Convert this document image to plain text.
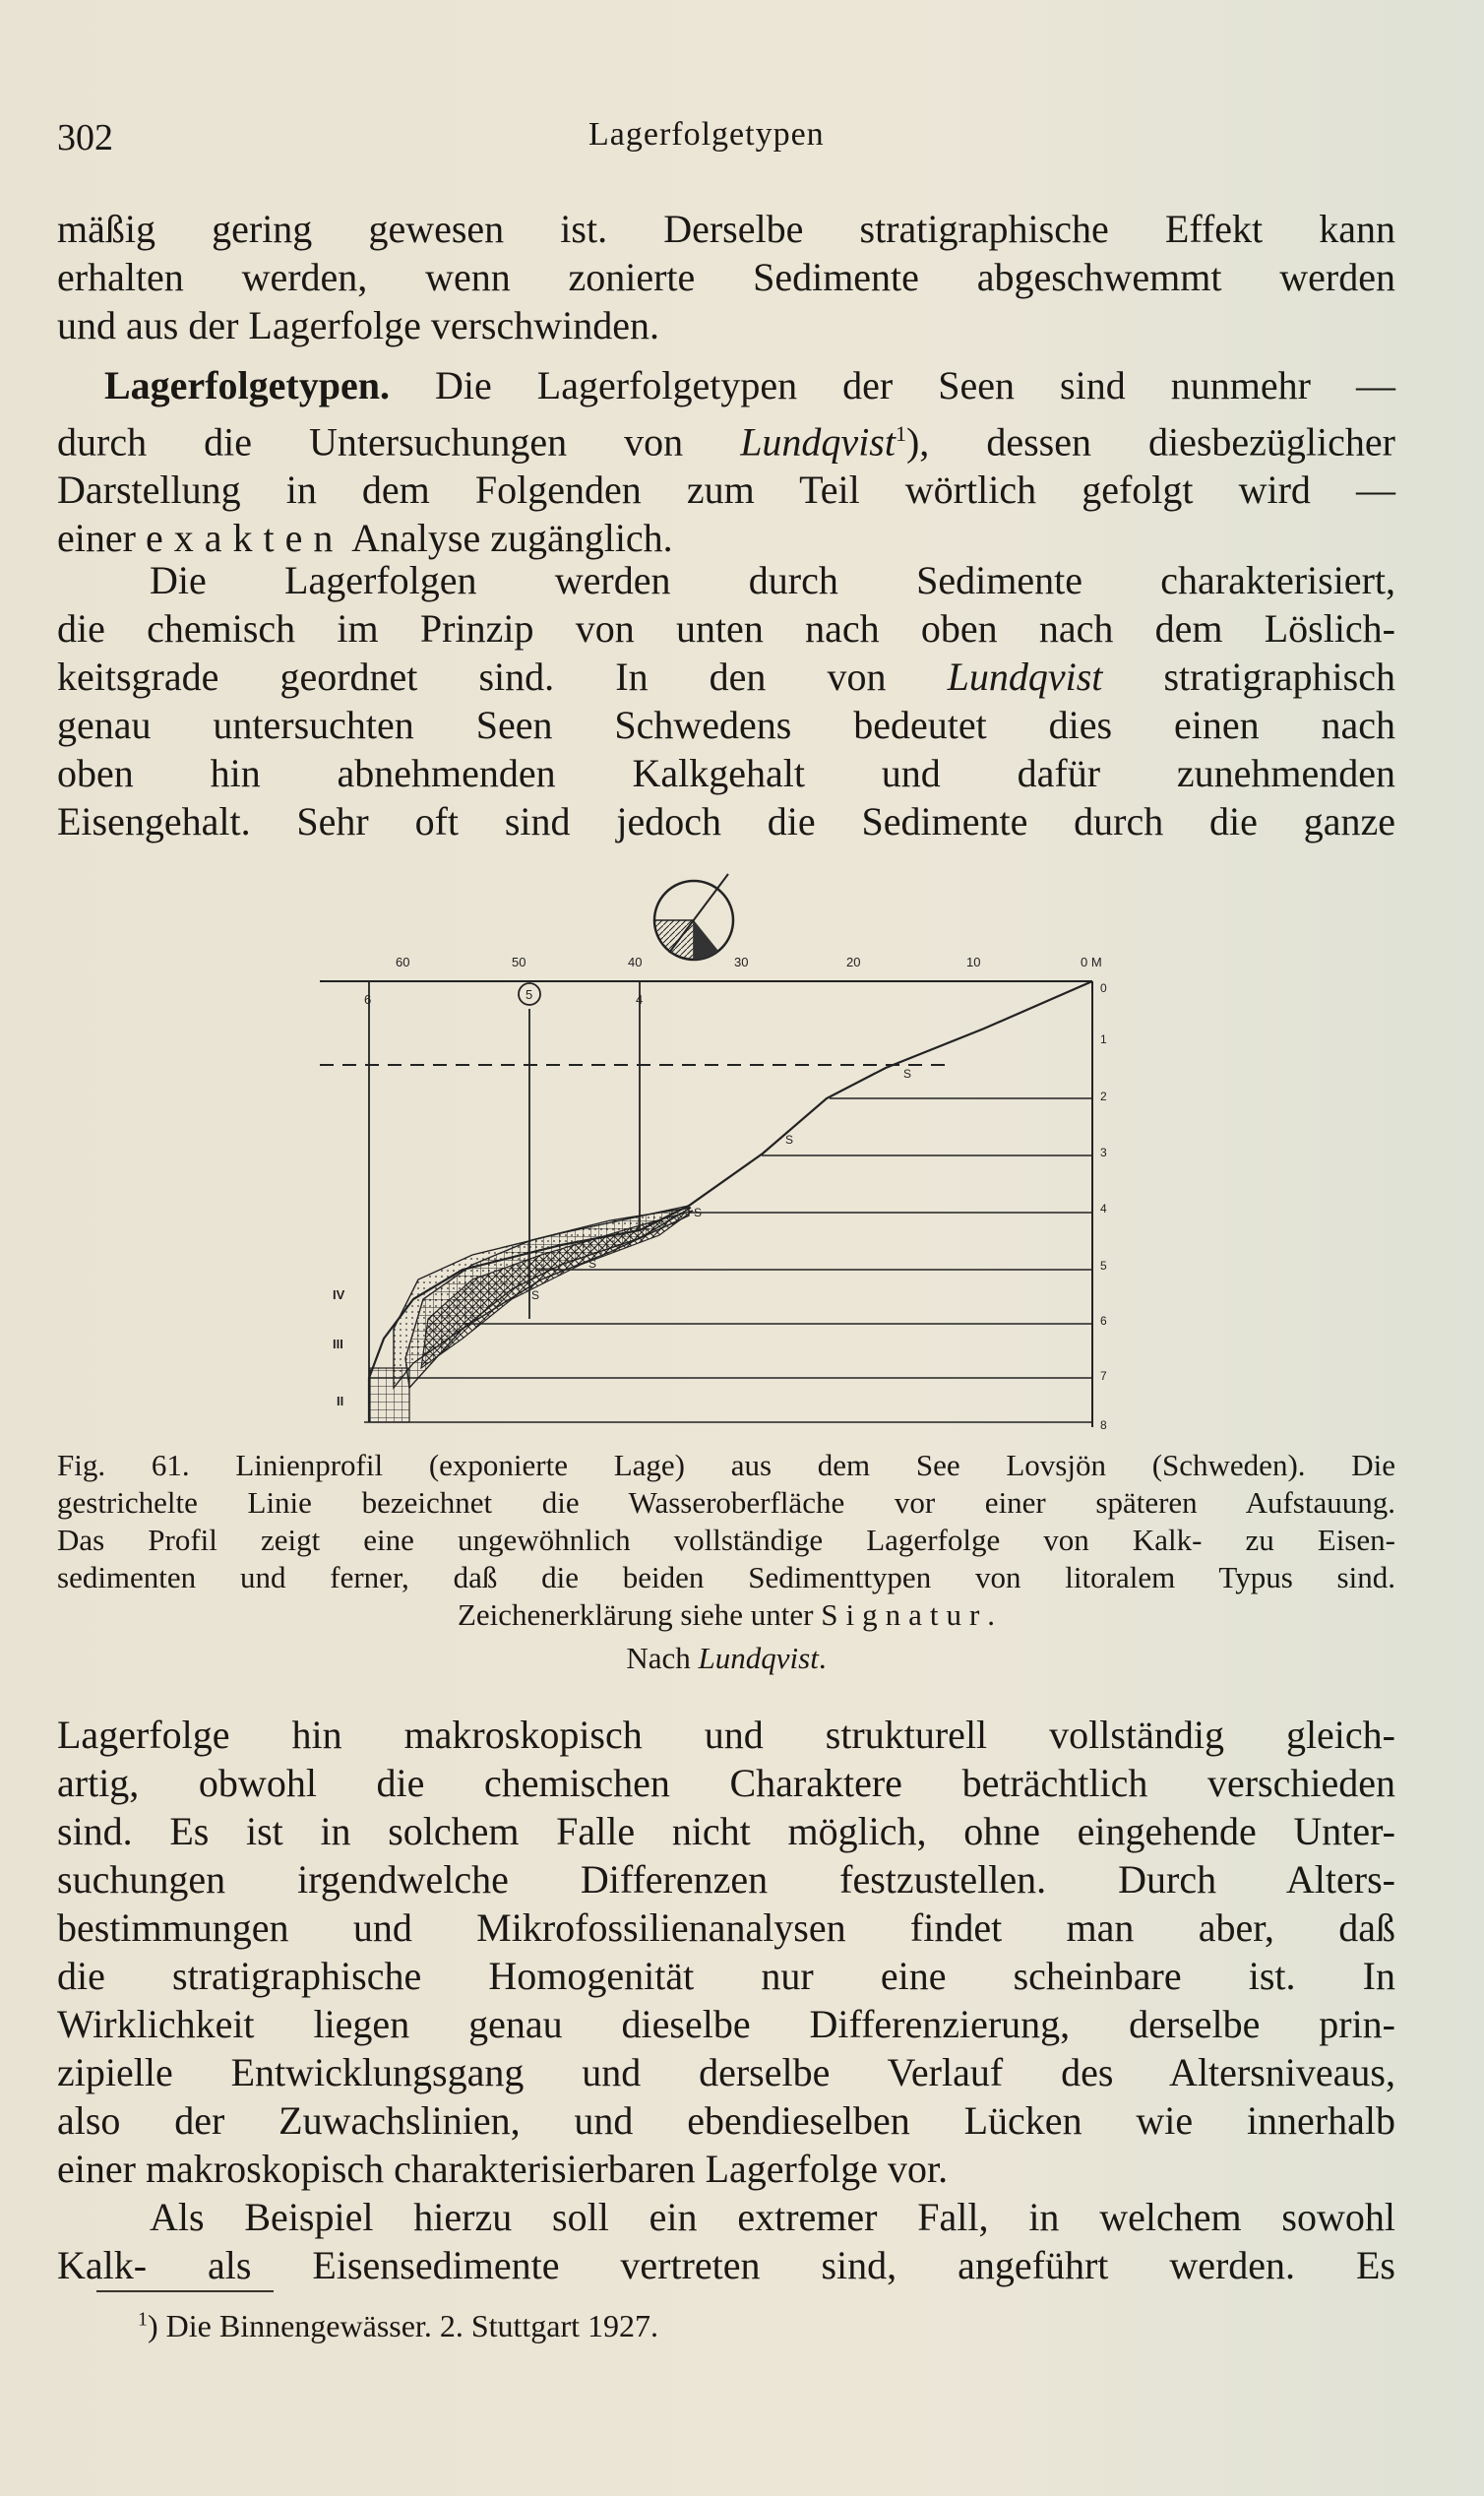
302	Lagerfolgetypen
mäßig gering gewesen ist. Derselbe stratigraphische Effekt kann
erhalten werden, wenn zonierte Sedimente abgeschwemmt werden
und aus der Lagerfolge verschwinden.
Lagerfolgetypen. Die Lagerfolgetypen der Seen sind nunmehr —
durch die Untersuchungen von Lundqvist$^1$), dessen diesbezüglicher
Darstellung in dem Folgenden zum Teil wörtlich gefolgt wird —
einer exakten Analyse zugänglich.
Die Lagerfolgen werden durch Sedimente charakterisiert,
die chemisch im Prinzip von unten nach oben nach dem Löslich-
keitsgrade geordnet sind. In den von Lundqvist stratigraphisch
genau untersuchten Seen Schwedens bedeutet dies einen nach
oben hin abnehmenden Kalkgehalt und dafür zunehmenden
Eisengehalt. Sehr oft sind jedoch die Sedimente durch die ganze
60	50	40	30	20	10	0 M
0
1
2
3
4
5
6
7
8
6	5	4
S
S
S
S
S
IV
III
II
Fig. 61. Linienprofil (exponierte Lage) aus dem See Lovsjön (Schweden). Die
gestrichelte Linie bezeichnet die Wasseroberfläche vor einer späteren Aufstauung.
Das Profil zeigt eine ungewöhnlich vollständige Lagerfolge von Kalk- zu Eisen-
sedimenten und ferner, daß die beiden Sedimenttypen von litoralem Typus sind.
Zeichenerklärung siehe unter Signatur.
Nach Lundqvist.
Lagerfolge hin makroskopisch und strukturell vollständig gleich-
artig, obwohl die chemischen Charaktere beträchtlich verschieden
sind. Es ist in solchem Falle nicht möglich, ohne eingehende Unter-
suchungen irgendwelche Differenzen festzustellen. Durch Alters-
bestimmungen und Mikrofossilienanalysen findet man aber, daß
die stratigraphische Homogenität nur eine scheinbare ist. In
Wirklichkeit liegen genau dieselbe Differenzierung, derselbe prin-
zipielle Entwicklungsgang und derselbe Verlauf des Altersniveaus,
also der Zuwachslinien, und ebendieselben Lücken wie innerhalb
einer makroskopisch charakterisierbaren Lagerfolge vor.
Als Beispiel hierzu soll ein extremer Fall, in welchem sowohl
Kalk- als Eisensedimente vertreten sind, angeführt werden. Es
$^1$) Die Binnengewässer. 2. Stuttgart 1927.
